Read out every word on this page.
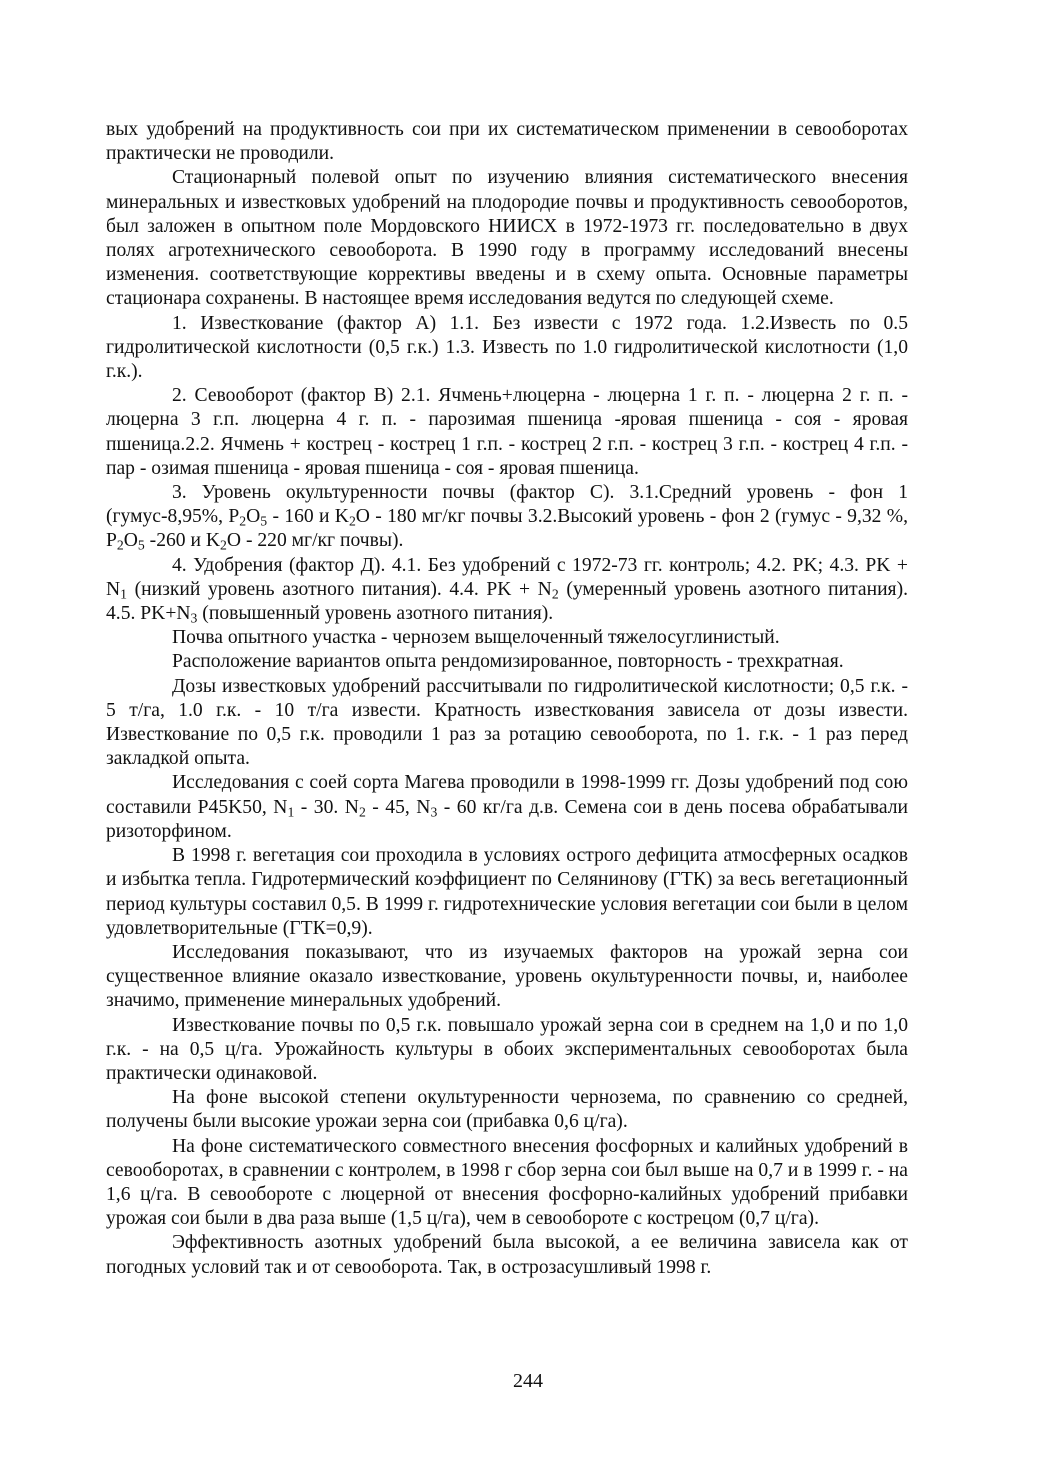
вых удобрений на продуктивность сои при их систематическом применении в севооборотах практически не проводили.

Стационарный полевой опыт по изучению влияния систематического внесения минеральных и известковых удобрений на плодородие почвы и продуктивность севооборотов, был заложен в опытном поле Мордовского НИИСХ в 1972-1973 гг. последовательно в двух полях агротехнического севооборота. В 1990 году в программу исследований внесены изменения. соответствующие коррективы введены и в схему опыта. Основные параметры стационара сохранены. В настоящее время исследования ведутся по следующей схеме.

1. Известкование (фактор А) 1.1. Без извести с 1972 года. 1.2.Известь по 0.5 гидролитической кислотности (0,5 г.к.) 1.3. Известь по 1.0 гидролитической кислотности (1,0 г.к.).

2. Севооборот (фактор В) 2.1. Ячмень+люцерна - люцерна 1 г. п. - люцерна 2 г. п. - люцерна 3 г.п. люцерна 4 г. п. - парозимая пшеница -яровая пшеница - соя - яровая пшеница.2.2. Ячмень + кострец - кострец 1 г.п. - кострец 2 г.п. - кострец 3 г.п. - кострец 4 г.п. - пар - озимая пшеница - яровая пшеница - соя - яровая пшеница.

3. Уровень окультуренности почвы (фактор С). 3.1.Средний уровень - фон 1 (гумус-8,95%, $P_2O_5 - 160$ и $K_2O - 180$ мг/кг почвы 3.2.Высокий уровень - фон 2 (гумус - 9,32 %, $P_2O_5$ -260 и $K_2O - 220$ мг/кг почвы).

4. Удобрения (фактор Д). 4.1. Без удобрений с 1972-73 гг. контроль; 4.2. PK; 4.3. PK + $N_1$ (низкий уровень азотного питания). 4.4. PK + $N_2$ (умеренный уровень азотного питания). 4.5. $PK+N_3$ (повышенный уровень азотного питания).

Почва опытного участка - чернозем выщелоченный тяжелосуглинистый.

Расположение вариантов опыта рендомизированное, повторность - трехкратная.

Дозы известковых удобрений рассчитывали по гидролитической кислотности; 0,5 г.к. - 5 т/га, 1.0 г.к. - 10 т/га извести. Кратность известкования зависела от дозы извести. Известкование по 0,5 г.к. проводили 1 раз за ротацию севооборота, по 1. г.к. - 1 раз перед закладкой опыта.

Исследования с соей сорта Магева проводили в 1998-1999 гг. Дозы удобрений под сою составили P45K50, $N_1 - 30$. $N_2 - 45$, $N_3 - 60$ кг/га д.в. Семена сои в день посева обрабатывали ризоторфином.

В 1998 г. вегетация сои проходила в условиях острого дефицита атмосферных осадков и избытка тепла. Гидротермический коэффициент по Селянинову (ГТК) за весь вегетационный период культуры составил 0,5. В 1999 г. гидротехнические условия вегетации сои были в целом удовлетворительные (ГТК=0,9).

Исследования показывают, что из изучаемых факторов на урожай зерна сои существенное влияние оказало известкование, уровень окультуренности почвы, и, наиболее значимо, применение минеральных удобрений.

Известкование почвы по 0,5 г.к. повышало урожай зерна сои в среднем на 1,0 и по 1,0 г.к. - на 0,5 ц/га. Урожайность культуры в обоих экспериментальных севооборотах была практически одинаковой.

На фоне высокой степени окультуренности чернозема, по сравнению со средней, получены были высокие урожаи зерна сои (прибавка 0,6 ц/га).

На фоне систематического совместного внесения фосфорных и калийных удобрений в севооборотах, в сравнении с контролем, в 1998 г сбор зерна сои был выше на 0,7 и в 1999 г. - на 1,6 ц/га. В севообороте с люцерной от внесения фосфорно-калийных удобрений прибавки урожая сои были в два раза выше (1,5 ц/га), чем в севообороте с кострецом (0,7 ц/га).

Эффективность азотных удобрений была высокой, а ее величина зависела как от погодных условий так и от севооборота. Так, в острозасушливый 1998 г.

244
